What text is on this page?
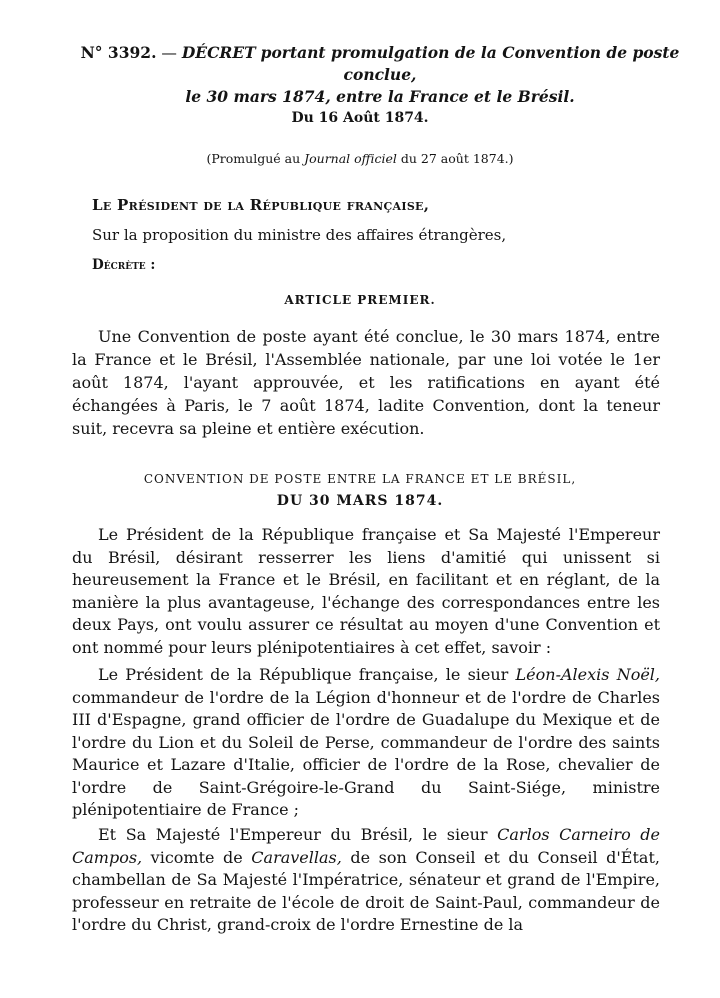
N° 3392. — DÉCRET portant promulgation de la Convention de poste conclue,
le 30 mars 1874, entre la France et le Brésil.
Du 16 Août 1874.
(Promulgué au Journal officiel du 27 août 1874.)
Le Président de la République française,
Sur la proposition du ministre des affaires étrangères,
Décrète :
ARTICLE PREMIER.

Une Convention de poste ayant été conclue, le 30 mars 1874, entre la France et le Brésil, l'Assemblée nationale, par une loi votée le 1er août 1874, l'ayant approuvée, et les ratifications en ayant été échangées à Paris, le 7 août 1874, ladite Convention, dont la teneur suit, recevra sa pleine et entière exécution.

CONVENTION DE POSTE ENTRE LA FRANCE ET LE BRÉSIL,
DU 30 MARS 1874.

Le Président de la République française et Sa Majesté l'Empereur du Brésil, désirant resserrer les liens d'amitié qui unissent si heureusement la France et le Brésil, en facilitant et en réglant, de la manière la plus avantageuse, l'échange des correspondances entre les deux Pays, ont voulu assurer ce résultat au moyen d'une Convention et ont nommé pour leurs plénipotentiaires à cet effet, savoir :

Le Président de la République française, le sieur Léon-Alexis Noël, commandeur de l'ordre de la Légion d'honneur et de l'ordre de Charles III d'Espagne, grand officier de l'ordre de Guadalupe du Mexique et de l'ordre du Lion et du Soleil de Perse, commandeur de l'ordre des saints Maurice et Lazare d'Italie, officier de l'ordre de la Rose, chevalier de l'ordre de Saint-Grégoire-le-Grand du Saint-Siége, ministre plénipotentiaire de France ;

Et Sa Majesté l'Empereur du Brésil, le sieur Carlos Carneiro de Campos, vicomte de Caravellas, de son Conseil et du Conseil d'État, chambellan de Sa Majesté l'Impératrice, sénateur et grand de l'Empire, professeur en retraite de l'école de droit de Saint-Paul, commandeur de l'ordre du Christ, grand-croix de l'ordre Ernestine de la
